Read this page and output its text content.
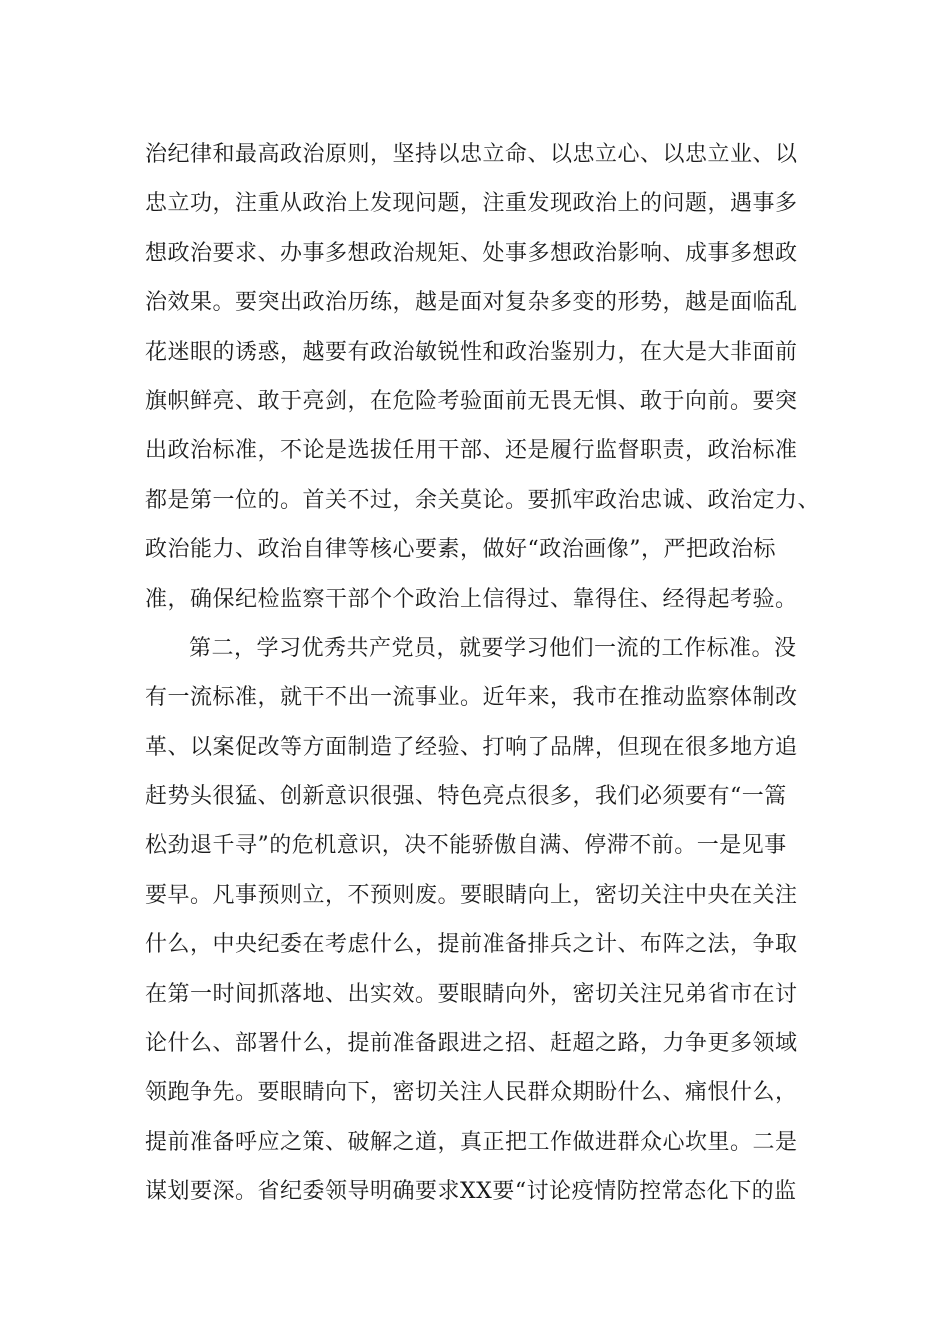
治纪律和最高政治原则，坚持以忠立命、以忠立心、以忠立业、以
忠立功，注重从政治上发现问题，注重发现政治上的问题，遇事多
想政治要求、办事多想政治规矩、处事多想政治影响、成事多想政
治效果。要突出政治历练，越是面对复杂多变的形势，越是面临乱
花迷眼的诱惑，越要有政治敏锐性和政治鉴别力，在大是大非面前
旗帜鲜亮、敢于亮剑，在危险考验面前无畏无惧、敢于向前。要突
出政治标准，不论是选拔任用干部、还是履行监督职责，政治标准
都是第一位的。首关不过，余关莫论。要抓牢政治忠诚、政治定力、
政治能力、政治自律等核心要素，做好“政治画像”，严把政治标
准，确保纪检监察干部个个政治上信得过、靠得住、经得起考验。
第二，学习优秀共产党员，就要学习他们一流的工作标准。没
有一流标准，就干不出一流事业。近年来，我市在推动监察体制改
革、以案促改等方面制造了经验、打响了品牌，但现在很多地方追
赶势头很猛、创新意识很强、特色亮点很多，我们必须要有“一篙
松劲退千寻”的危机意识，决不能骄傲自满、停滞不前。一是见事
要早。凡事预则立，不预则废。要眼睛向上，密切关注中央在关注
什么，中央纪委在考虑什么，提前准备排兵之计、布阵之法，争取
在第一时间抓落地、出实效。要眼睛向外，密切关注兄弟省市在讨
论什么、部署什么，提前准备跟进之招、赶超之路，力争更多领域
领跑争先。要眼睛向下，密切关注人民群众期盼什么、痛恨什么，
提前准备呼应之策、破解之道，真正把工作做进群众心坎里。二是
谋划要深。省纪委领导明确要求XX要“讨论疫情防控常态化下的监
